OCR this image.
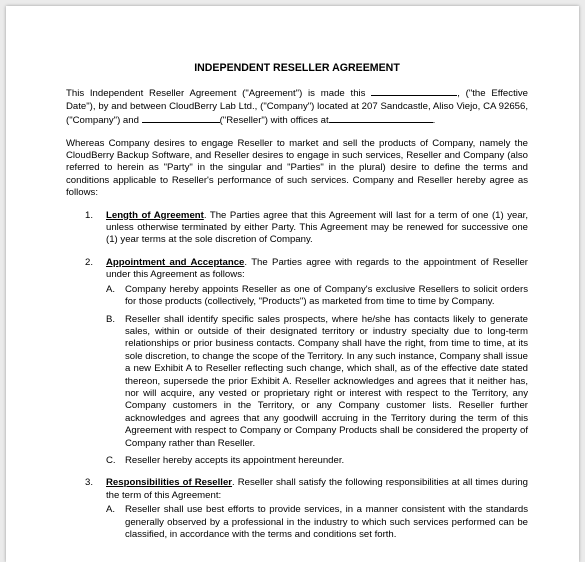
INDEPENDENT RESELLER AGREEMENT

This Independent Reseller Agreement ("Agreement") is made this	, ("the Effective Date"), by and between CloudBerry Lab Ltd., ("Company") located at 207 Sandcastle, Aliso Viejo, CA 92656, ("Company") and	("Reseller") with offices at	.

Whereas Company desires to engage Reseller to market and sell the products of Company, namely the CloudBerry Backup Software, and Reseller desires to engage in such services, Reseller and Company (also referred to herein as "Party" in the singular and "Parties" in the plural) desire to define the terms and conditions applicable to Reseller's performance of such services. Company and Reseller hereby agree as follows:

1. Length of Agreement. The Parties agree that this Agreement will last for a term of one (1) year, unless otherwise terminated by either Party. This Agreement may be renewed for successive one (1) year terms at the sole discretion of Company.
2. Appointment and Acceptance. The Parties agree with regards to the appointment of Reseller under this Agreement as follows:
A. Company hereby appoints Reseller as one of Company's exclusive Resellers to solicit orders for those products (collectively, "Products") as marketed from time to time by Company.
B. Reseller shall identify specific sales prospects, where he/she has contacts likely to generate sales, within or outside of their designated territory or industry specialty due to long-term relationships or prior business contacts. Company shall have the right, from time to time, at its sole discretion, to change the scope of the Territory. In any such instance, Company shall issue a new Exhibit A to Reseller reflecting such change, which shall, as of the effective date stated thereon, supersede the prior Exhibit A. Reseller acknowledges and agrees that it neither has, nor will acquire, any vested or proprietary right or interest with respect to the Territory, any Company customers in the Territory, or any Company customer lists. Reseller further acknowledges and agrees that any goodwill accruing in the Territory during the term of this Agreement with respect to Company or Company Products shall be considered the property of Company rather than Reseller.
C. Reseller hereby accepts its appointment hereunder.
3. Responsibilities of Reseller. Reseller shall satisfy the following responsibilities at all times during the term of this Agreement:
A. Reseller shall use best efforts to provide services, in a manner consistent with the standards generally observed by a professional in the industry to which such services performed can be classified, in accordance with the terms and conditions set forth.
